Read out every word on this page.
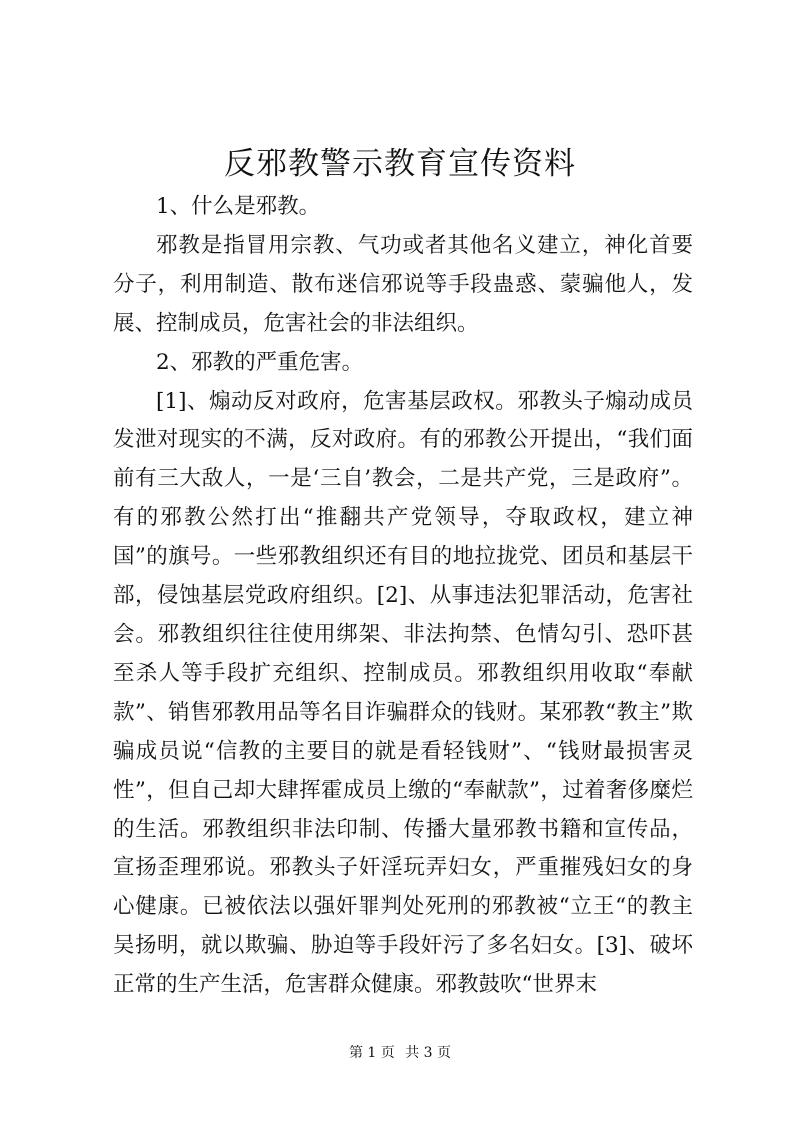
反邪教警示教育宣传资料

1、什么是邪教。

邪教是指冒用宗教、气功或者其他名义建立，神化首要分子，利用制造、散布迷信邪说等手段蛊惑、蒙骗他人，发展、控制成员，危害社会的非法组织。

2、邪教的严重危害。

[1]、煽动反对政府，危害基层政权。邪教头子煽动成员发泄对现实的不满，反对政府。有的邪教公开提出，“我们面前有三大敌人，一是‘三自’教会，二是共产党，三是政府”。有的邪教公然打出“推翻共产党领导，夺取政权，建立神国”的旗号。一些邪教组织还有目的地拉拢党、团员和基层干部，侵蚀基层党政府组织。[2]、从事违法犯罪活动，危害社会。邪教组织往往使用绑架、非法拘禁、色情勾引、恐吓甚至杀人等手段扩充组织、控制成员。邪教组织用收取“奉献款”、销售邪教用品等名目诈骗群众的钱财。某邪教“教主”欺骗成员说“信教的主要目的就是看轻钱财”、“钱财最损害灵性”，但自己却大肆挥霍成员上缴的“奉献款”，过着奢侈糜烂的生活。邪教组织非法印制、传播大量邪教书籍和宣传品，宣扬歪理邪说。邪教头子奸淫玩弄妇女，严重摧残妇女的身心健康。已被依法以强奸罪判处死刑的邪教被“立王“的教主吴扬明，就以欺骗、胁迫等手段奸污了多名妇女。[3]、破坏正常的生产生活，危害群众健康。邪教鼓吹“世界末

第 1 页 共 3 页
